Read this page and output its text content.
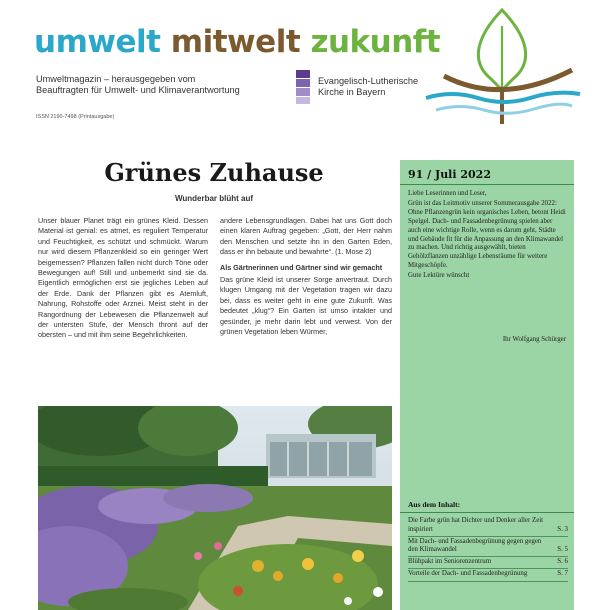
umwelt mitwelt zukunft
Umweltmagazin – herausgegeben vom
Beauftragten für Umwelt- und Klimaverantwortung
Evangelisch-Lutherische
Kirche in Bayern
ISSN 2190-7498 (Printausgabe)
Grünes Zuhause
Wunderbar blüht auf

Unser blauer Planet trägt ein grünes Kleid. Dessen Material ist genial: es atmet, es reguliert Temperatur und Feuchtigkeit, es schützt und schmückt. Warum nur wird diesem Pflanzenkleid so ein geringer Wert beigemessen? Pflanzen fallen nicht durch Töne oder Bewegungen auf! Still und unbemerkt sind sie da. Eigentlich ermöglichen erst sie jegliches Leben auf der Erde. Dank der Pflanzen gibt es Atemluft, Nahrung, Rohstoffe oder Arznei. Meist steht in der Rangordnung der Lebewesen die Pflanzenwelt auf der untersten Stufe, der Mensch thront auf der obersten – und mit ihm seine Begehrlichkeiten.

andere Lebensgrundlagen. Dabei hat uns Gott doch einen klaren Auftrag gegeben: „Gott, der Herr nahm den Menschen und setzte ihn in den Garten Eden, dass er ihn bebaute und bewahrte“. (1. Mose 2)

Als Gärtnerinnen und Gärtner sind wir gemacht

Das grüne Kleid ist unserer Sorge anvertraut. Durch klugen Umgang mit der Vegetation tragen wir dazu bei, dass es weiter geht in eine gute Zukunft. Was bedeutet „klug“? Ein Garten ist umso intakter und gesünder, je mehr darin lebt und verwest. Von der grünen Vegetation leben Würmer,

91 / Juli 2022

Liebe Leserinnen und Leser,

Grün ist das Leitmotiv unserer Sommerausgabe 2022: Ohne Pflanzengrün kein organisches Leben, betont Heidi Spelgel. Dach- und Fassadenbegrünung spielen aber auch eine wichtige Rolle, wenn es darum geht, Städte und Gebäude fit für die Anpassung an den Klimawandel zu machen. Und richtig ausgewählt, bieten Gehölzflanzen unzählige Lebensräume für weitere Mitgeschöpfe.

Gute Lektüre wünscht

Ihr Wolfgang Schürger
Aus dem Inhalt:
Die Farbe grün hat Dichter und Denker aller Zeit inspiriert	S. 3
Mit Dach- und Fassadenbegrünung gegen gegen den Klimawandel	S. 5
Blühpakt im Seniorenzentrum	S. 6
Vorteile der Dach- und Fassadenbegrünung	S. 7
